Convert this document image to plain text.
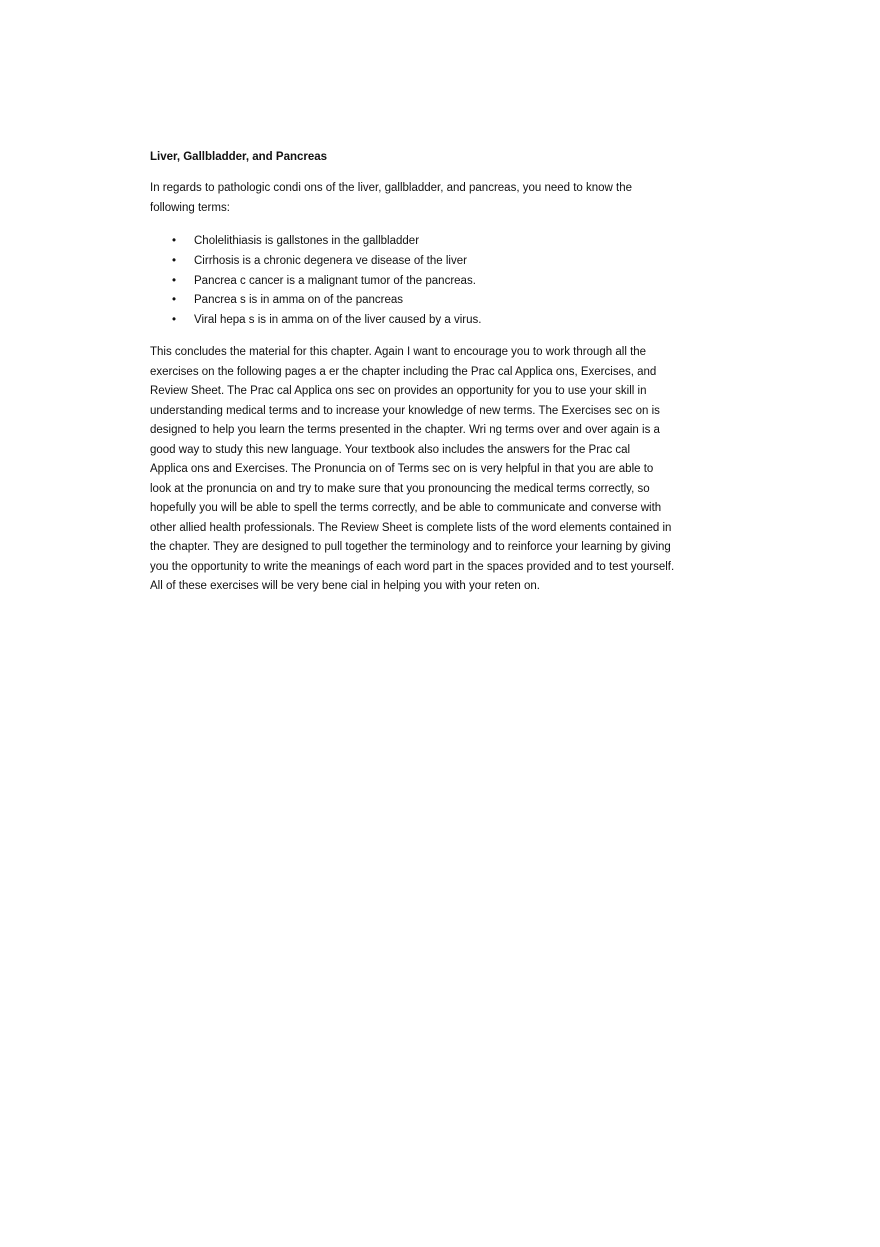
Liver, Gallbladder, and Pancreas
In regards to pathologic condi ons of the liver, gallbladder, and pancreas, you need to know the
following terms:
• Cholelithiasis is gallstones in the gallbladder
• Cirrhosis is a chronic degenera ve disease of the liver
• Pancrea c cancer is a malignant tumor of the pancreas.
• Pancrea s is in amma on of the pancreas
• Viral hepa s is in amma on of the liver caused by a virus.
This concludes the material for this chapter. Again I want to encourage you to work through all the
exercises on the following pages a er the chapter including the Prac cal Applica ons, Exercises, and
Review Sheet. The Prac cal Applica ons sec on provides an opportunity for you to use your skill in
understanding medical terms and to increase your knowledge of new terms. The Exercises sec on is
designed to help you learn the terms presented in the chapter. Wri ng terms over and over again is a
good way to study this new language. Your textbook also includes the answers for the Prac cal
Applica ons and Exercises. The Pronuncia on of Terms sec on is very helpful in that you are able to
look at the pronuncia on and try to make sure that you pronouncing the medical terms correctly, so
hopefully you will be able to spell the terms correctly, and be able to communicate and converse with
other allied health professionals. The Review Sheet is complete lists of the word elements contained in
the chapter. They are designed to pull together the terminology and to reinforce your learning by giving
you the opportunity to write the meanings of each word part in the spaces provided and to test yourself.
All of these exercises will be very bene cial in helping you with your reten on.
